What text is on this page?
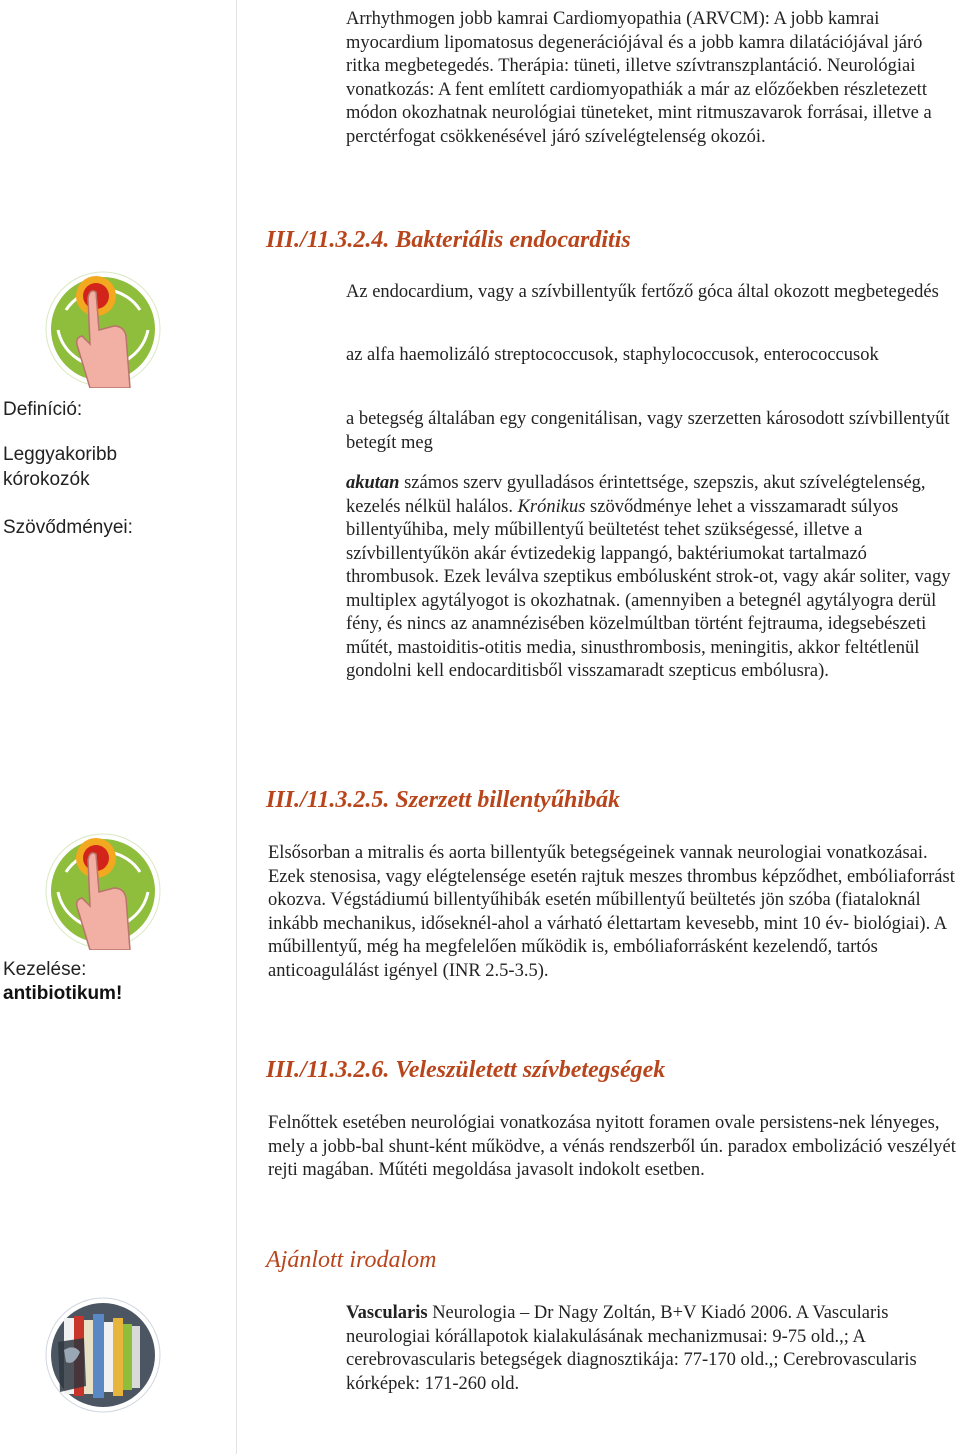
Arrhythmogen jobb kamrai Cardiomyopathia (ARVCM): A jobb kamrai myocardium lipomatosus degenerációjával és a jobb kamra dilatációjával járó ritka megbetegedés. Therápia: tüneti, illetve szívtranszplantáció. Neurológiai vonatkozás: A fent említett cardiomyopathiák a már az előzőekben részletezett módon okozhatnak neurológiai tüneteket, mint ritmuszavarok forrásai, illetve a perctérfogat csökkenésével járó szívelégtelenség okozói.
III./11.3.2.4. Bakteriális endocarditis
Definíció:
Leggyakoribb
kórokozók
Szövődményei:
Az endocardium, vagy a szívbillentyűk fertőző góca által okozott megbetegedés
az alfa haemolizáló streptococcusok, staphylococcusok, enterococcusok
a betegség általában egy congenitálisan, vagy szerzetten károsodott szívbillentyűt betegít meg
akutan számos szerv gyulladásos érintettsége, szepszis, akut szívelégtelenség, kezelés nélkül halálos. Krónikus szövődménye lehet a visszamaradt súlyos billentyűhiba, mely műbillentyű beültetést tehet szükségessé, illetve a szívbillentyűkön akár évtizedekig lappangó, baktériumokat tartalmazó thrombusok. Ezek leválva szeptikus embólusként strok-ot, vagy akár soliter, vagy multiplex agytályogot is okozhatnak. (amennyiben a betegnél agytályogra derül fény, és nincs az anamnézisében közelmúltban történt fejtrauma, idegsebészeti műtét, mastoiditis-otitis media, sinusthrombosis, meningitis, akkor feltétlenül gondolni kell endocarditisből visszamaradt szepticus embólusra).
III./11.3.2.5. Szerzett billentyűhibák
Kezelése:
antibiotikum!
Elsősorban a mitralis és aorta billentyűk betegségeinek vannak neurologiai vonatkozásai. Ezek stenosisa, vagy elégtelensége esetén rajtuk meszes thrombus képződhet, embóliaforrást okozva. Végstádiumú billentyűhibák esetén műbillentyű beültetés jön szóba (fiataloknál inkább mechanikus, időseknél-ahol a várható élettartam kevesebb, mint 10 év- biológiai). A műbillentyű, még ha megfelelően működik is, embóliaforrásként kezelendő, tartós anticoagulálást igényel (INR 2.5-3.5).
III./11.3.2.6. Veleszületett szívbetegségek
Felnőttek esetében neurológiai vonatkozása nyitott foramen ovale persistens-nek lényeges, mely a jobb-bal shunt-ként működve, a vénás rendszerből ún. paradox embolizáció veszélyét rejti magában. Műtéti megoldása javasolt indokolt esetben.
Ajánlott irodalom
Vascularis Neurologia – Dr Nagy Zoltán, B+V Kiadó 2006. A Vascularis neurologiai kórállapotok kialakulásának mechanizmusai: 9-75 old.,; A cerebrovascularis betegségek diagnosztikája: 77-170 old.,; Cerebrovascularis kórképek: 171-260 old.
